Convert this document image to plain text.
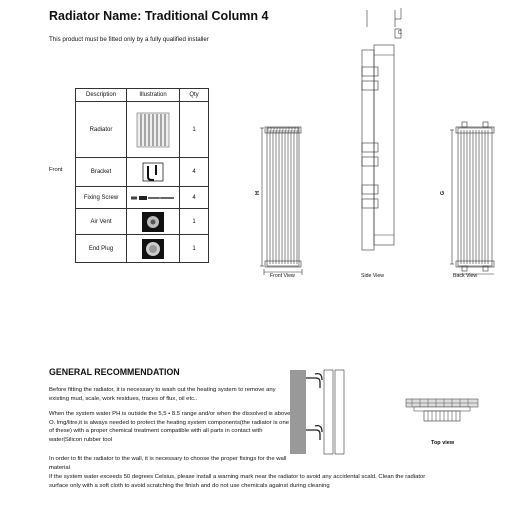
Radiator Name: Traditional Column 4
This product must be fitted only by a fully qualified installer
Front
Description	Illustration	Qty
Radiator		1
Bracket		4
Fixing Screw		4
Air Vent		1
End Plug		1
H
Front View
C
Side View
G
Back View
GENERAL RECOMMENDATION
Before fitting the radiator, it is necessary to wash out the heating system to remove any existing mud, scale, work residues, traces of flux, oil etc..
When the system water PH is outside the 5,5 • 8.5 range and/or when the dissolved is above O. lmg/litre,it is always needed to protect the heating system components(the radiator is one of these) with a proper chemical treatment compatible with all parts in contact with water|Silicon rubber tool
In order to fit the radiator to the wall, it is necessary to choose the proper fixings for the wall material
If the system water exceeds 50 degrees Celsius, please install a warning mark near the radiator to avoid any accidental scald. Clean the radiator
surface only with a soft cloth to avoid scratching the finish and do not use chemicals against during cleaning
Top view
